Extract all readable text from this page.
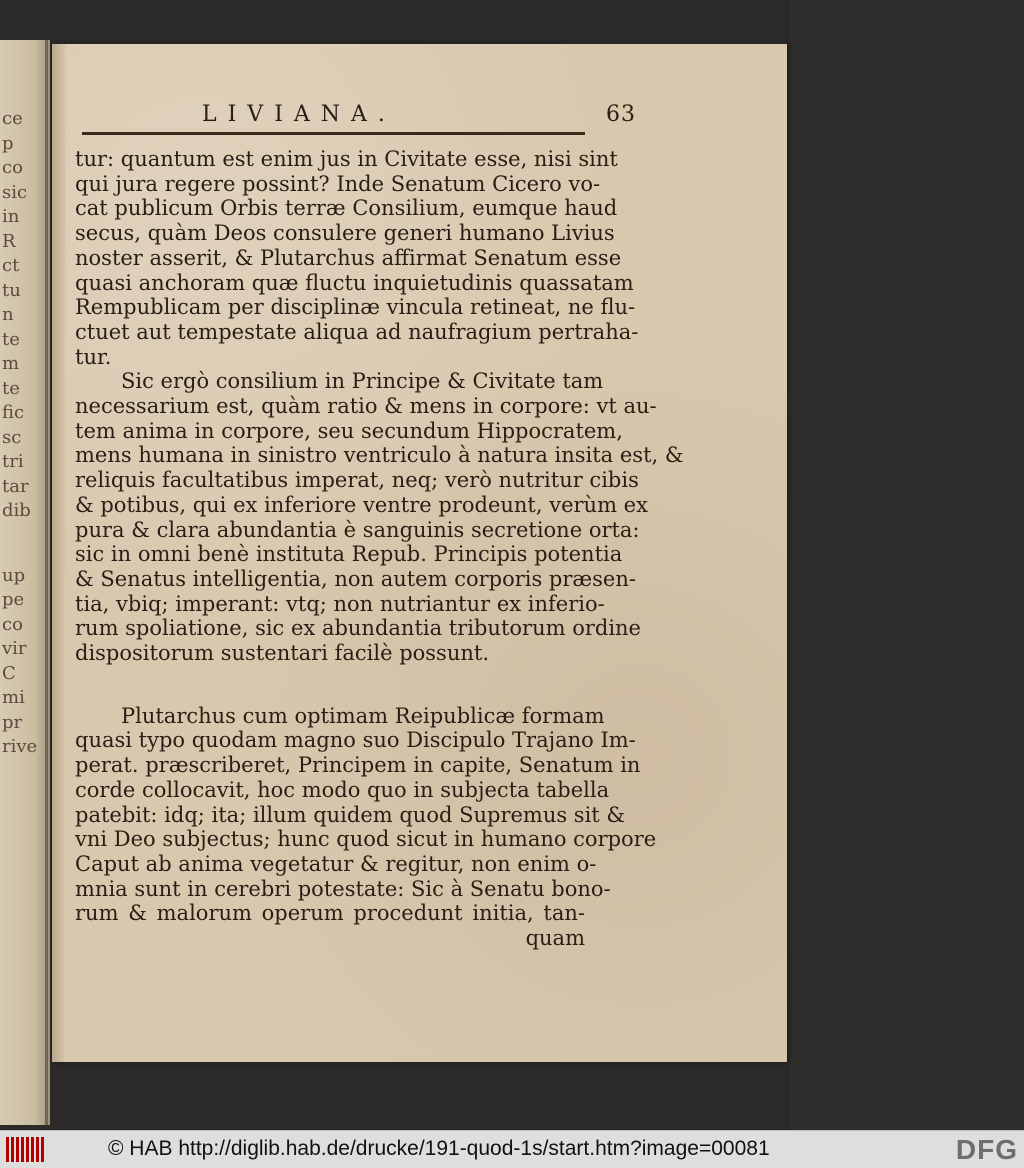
ce
p
co
sic
in
R
ct
tu
n
te
m
te
fic
sc
tri
tar
dib
up
pe
co
vir
C
mi
pr
rive
LIVIANA.	63
tur: quantum est enim jus in Civitate esse, nisi sint
qui jura regere possint? Inde Senatum Cicero vo-
cat publicum Orbis terræ Consilium, eumque haud
secus, quàm Deos consulere generi humano Livius
noster asserit, & Plutarchus affirmat Senatum esse
quasi anchoram quæ fluctu inquietudinis quassatam
Rempublicam per disciplinæ vincula retineat, ne flu-
ctuet aut tempestate aliqua ad naufragium pertraha-
tur.
Sic ergò consilium in Principe & Civitate tam
necessarium est, quàm ratio & mens in corpore: vt au-
tem anima in corpore, seu secundum Hippocratem,
mens humana in sinistro ventriculo à natura insita est, &
reliquis facultatibus imperat, neq; verò nutritur cibis
& potibus, qui ex inferiore ventre prodeunt, verùm ex
pura & clara abundantia è sanguinis secretione orta:
sic in omni benè instituta Repub. Principis potentia
& Senatus intelligentia, non autem corporis præsen-
tia, vbiq; imperant: vtq; non nutriantur ex inferio-
rum spoliatione, sic ex abundantia tributorum ordine
dispositorum sustentari facilè possunt.
Plutarchus cum optimam Reipublicæ formam
quasi typo quodam magno suo Discipulo Trajano Im-
perat. præscriberet, Principem in capite, Senatum in
corde collocavit, hoc modo quo in subjecta tabella
patebit: idq; ita; illum quidem quod Supremus sit &
vni Deo subjectus; hunc quod sicut in humano corpore
Caput ab anima vegetatur & regitur, non enim o-
mnia sunt in cerebri potestate: Sic à Senatu bono-
rum & malorum operum procedunt initia, tan-
quam
© HAB http://diglib.hab.de/drucke/191-quod-1s/start.htm?image=00081	DFG
